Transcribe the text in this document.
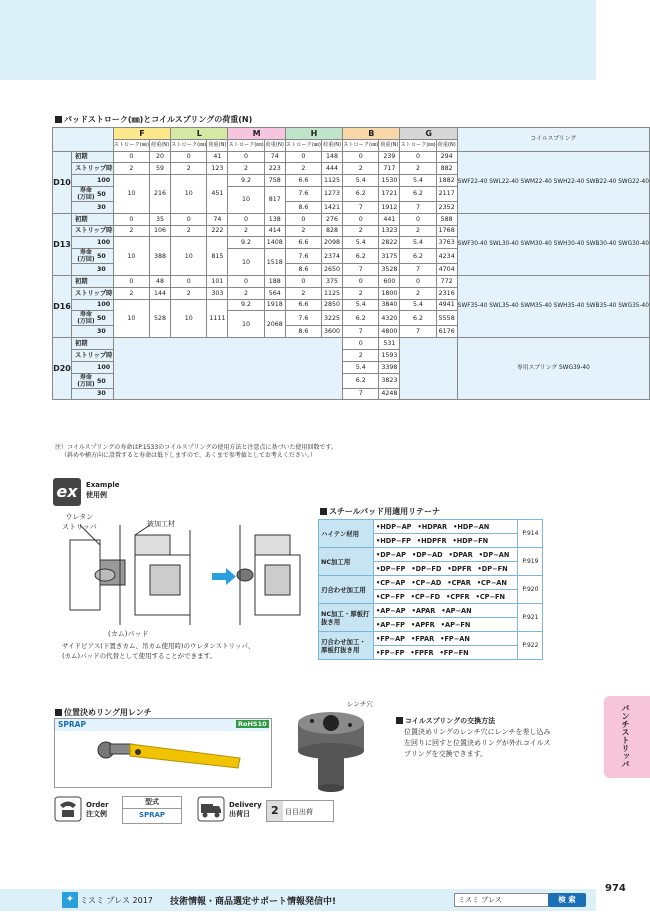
パッドストローク(㎜)とコイルスプリングの荷重(N)
		F		L		M		H		B		G		コイルスプリング
		ストローク(㎜)	荷重(N)	ストローク(㎜)	荷重(N)	ストローク(㎜)	荷重(N)	ストローク(㎜)	荷重(N)	ストローク(㎜)	荷重(N)	ストローク(㎜)	荷重(N)	
D10	初期	0	20	0	41	0	74	0	148	0	239	0	294	SWF22-40 SWL22-40 SWM22-40 SWH22-40 SWB22-40 SWG22-40
	ストリップ時	2	59	2	123	2	223	2	444	2	717	2	882	
	100	10	216	10	451	9.2	758	6.6	1125	5.4	1530	5.4	1882	
	寿命
(万回) 50					10	817	7.6	1273	6.2	1721	6.2	2117	
	30							8.6	1421	7	1912	7	2352	
D13	初期	0	35	0	74	0	138	0	276	0	441	0	588	SWF30-40 SWL30-40 SWM30-40 SWH30-40 SWB30-40 SWG30-40
	ストリップ時	2	106	2	222	2	414	2	828	2	1323	2	1768	
	100	10	388	10	815	9.2	1408	6.6	2098	5.4	2822	5.4	3763	
	寿命
(万回) 50					10	1518	7.6	2374	6.2	3175	6.2	4234	
	30							8.6	2650	7	3528	7	4704	
D16	初期	0	48	0	101	0	188	0	375	0	600	0	772	SWF35-40 SWL35-40 SWM35-40 SWH35-40 SWB35-40 SWG35-40
	ストリップ時	2	144	2	303	2	564	2	1125	2	1800	2	2316	
	100	10	528	10	1111	9.2	1918	6.6	2850	5.4	3840	5.4	4941	
	寿命
(万回) 50					10	2068	7.6	3225	6.2	4320	6.2	5558	
	30							8.6	3600	7	4800	7	6176	
D20	初期									0	531			専用スプリング SWG39-40
	ストリップ時									2	1593			
	100									5.4	3398			
	寿命
(万回) 50									6.2	3823			
	30									7	4248			
注）コイルスプリングの寿命はP.1533のコイルスプリングの使用方法と注意点に基づいた使用回数です。
（斜めや横方向に設置すると寿命は低下しますので、あくまで参考値としてお考えください。）
ex	Example
使用例
ウレタン
ストリッパ	被加工材
(カム)パッド
サイドピアス(下置きカム、吊カム使用時)のウレタンストリッパ、
(カム)パッドの代替として使用することができます。
スチールパッド用適用リテーナ
ハイテン材用	•HDP−AP •HDPAR •HDP−AN	P.914
	•HDP−FP •HDPFR •HDP−FN	
NC加工用	•DP−AP •DP−AD •DPAR •DP−AN	P.919
	•DP−FP •DP−FD •DPFR •DP−FN	
刃合わせ加工用	•CP−AP •CP−AD •CPAR •CP−AN	P.920
	•CP−FP •CP−FD •CPFR •CP−FN	
NC加工・厚板打抜き用	•AP−AP •APAR •AP−AN	P.921
	•AP−FP •APFR •AP−FN	
刃合わせ加工・厚板打抜き用	•FP−AP •FPAR •FP−AN	P.922
	•FP−FP •FPFR •FP−FN	
位置決めリング用レンチ
SPRAP	RoHS10
レンチ穴
コイルスプリングの交換方法
位置決めリングのレンチ穴にレンチを差し込み
左回りに回すと位置決めリングが外れコイルス
プリングを交換できます。
Order
注文例
型式
SPRAP
Delivery
出荷日	2 目目出荷
パンチストリッパ
✦ ミスミ プレス 2017 技術情報・商品選定サポート情報発信中!	ミスミ プレス	検 索
974
